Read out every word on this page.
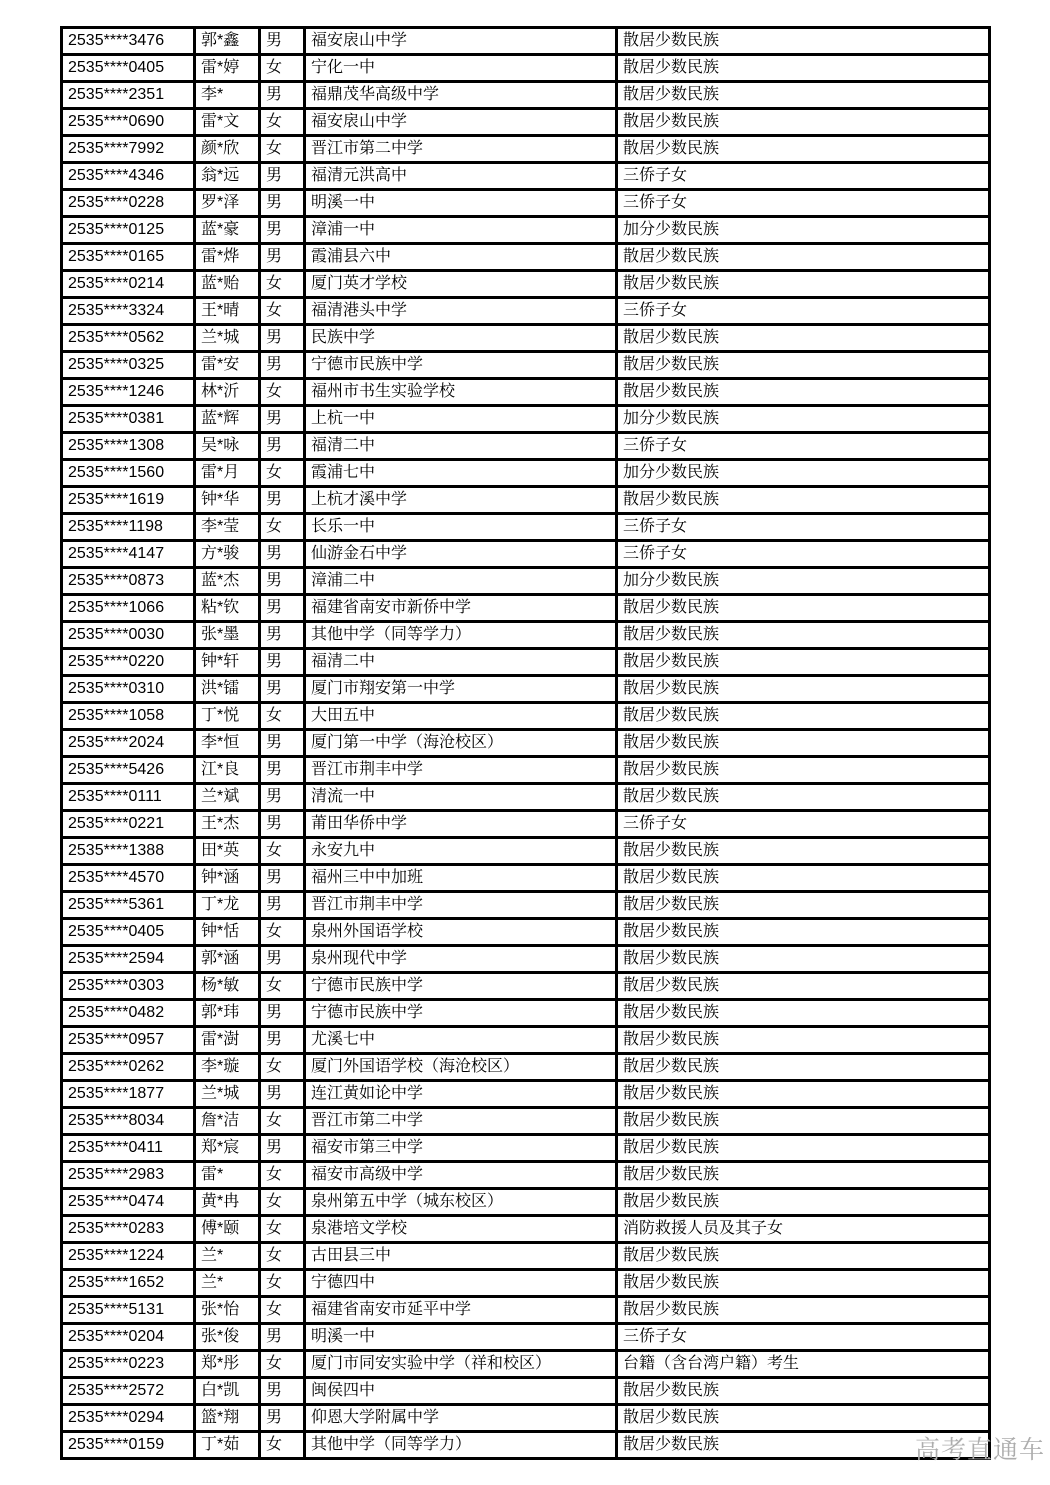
2535****3476	郭*鑫	男	福安扆山中学	散居少数民族
2535****0405	雷*婷	女	宁化一中	散居少数民族
2535****2351	李*	男	福鼎茂华高级中学	散居少数民族
2535****0690	雷*文	女	福安扆山中学	散居少数民族
2535****7992	颜*欣	女	晋江市第二中学	散居少数民族
2535****4346	翁*远	男	福清元洪高中	三侨子女
2535****0228	罗*泽	男	明溪一中	三侨子女
2535****0125	蓝*豪	男	漳浦一中	加分少数民族
2535****0165	雷*烨	男	霞浦县六中	散居少数民族
2535****0214	蓝*贻	女	厦门英才学校	散居少数民族
2535****3324	王*晴	女	福清港头中学	三侨子女
2535****0562	兰*城	男	民族中学	散居少数民族
2535****0325	雷*安	男	宁德市民族中学	散居少数民族
2535****1246	林*沂	女	福州市书生实验学校	散居少数民族
2535****0381	蓝*辉	男	上杭一中	加分少数民族
2535****1308	吴*咏	男	福清二中	三侨子女
2535****1560	雷*月	女	霞浦七中	加分少数民族
2535****1619	钟*华	男	上杭才溪中学	散居少数民族
2535****1198	李*莹	女	长乐一中	三侨子女
2535****4147	方*骏	男	仙游金石中学	三侨子女
2535****0873	蓝*杰	男	漳浦二中	加分少数民族
2535****1066	粘*钦	男	福建省南安市新侨中学	散居少数民族
2535****0030	张*墨	男	其他中学（同等学力）	散居少数民族
2535****0220	钟*轩	男	福清二中	散居少数民族
2535****0310	洪*镭	男	厦门市翔安第一中学	散居少数民族
2535****1058	丁*悦	女	大田五中	散居少数民族
2535****2024	李*恒	男	厦门第一中学（海沧校区）	散居少数民族
2535****5426	江*良	男	晋江市荆丰中学	散居少数民族
2535****0111	兰*斌	男	清流一中	散居少数民族
2535****0221	王*杰	男	莆田华侨中学	三侨子女
2535****1388	田*英	女	永安九中	散居少数民族
2535****4570	钟*涵	男	福州三中中加班	散居少数民族
2535****5361	丁*龙	男	晋江市荆丰中学	散居少数民族
2535****0405	钟*恬	女	泉州外国语学校	散居少数民族
2535****2594	郭*涵	男	泉州现代中学	散居少数民族
2535****0303	杨*敏	女	宁德市民族中学	散居少数民族
2535****0482	郭*玮	男	宁德市民族中学	散居少数民族
2535****0957	雷*澍	男	尤溪七中	散居少数民族
2535****0262	李*璇	女	厦门外国语学校（海沧校区）	散居少数民族
2535****1877	兰*城	男	连江黄如论中学	散居少数民族
2535****8034	詹*洁	女	晋江市第二中学	散居少数民族
2535****0411	郑*宸	男	福安市第三中学	散居少数民族
2535****2983	雷*	女	福安市高级中学	散居少数民族
2535****0474	黄*冉	女	泉州第五中学（城东校区）	散居少数民族
2535****0283	傅*颐	女	泉港培文学校	消防救援人员及其子女
2535****1224	兰*	女	古田县三中	散居少数民族
2535****1652	兰*	女	宁德四中	散居少数民族
2535****5131	张*怡	女	福建省南安市延平中学	散居少数民族
2535****0204	张*俊	男	明溪一中	三侨子女
2535****0223	郑*彤	女	厦门市同安实验中学（祥和校区）	台籍（含台湾户籍）考生
2535****2572	白*凯	男	闽侯四中	散居少数民族
2535****0294	篮*翔	男	仰恩大学附属中学	散居少数民族
2535****0159	丁*茹	女	其他中学（同等学力）	散居少数民族	高考直通车
